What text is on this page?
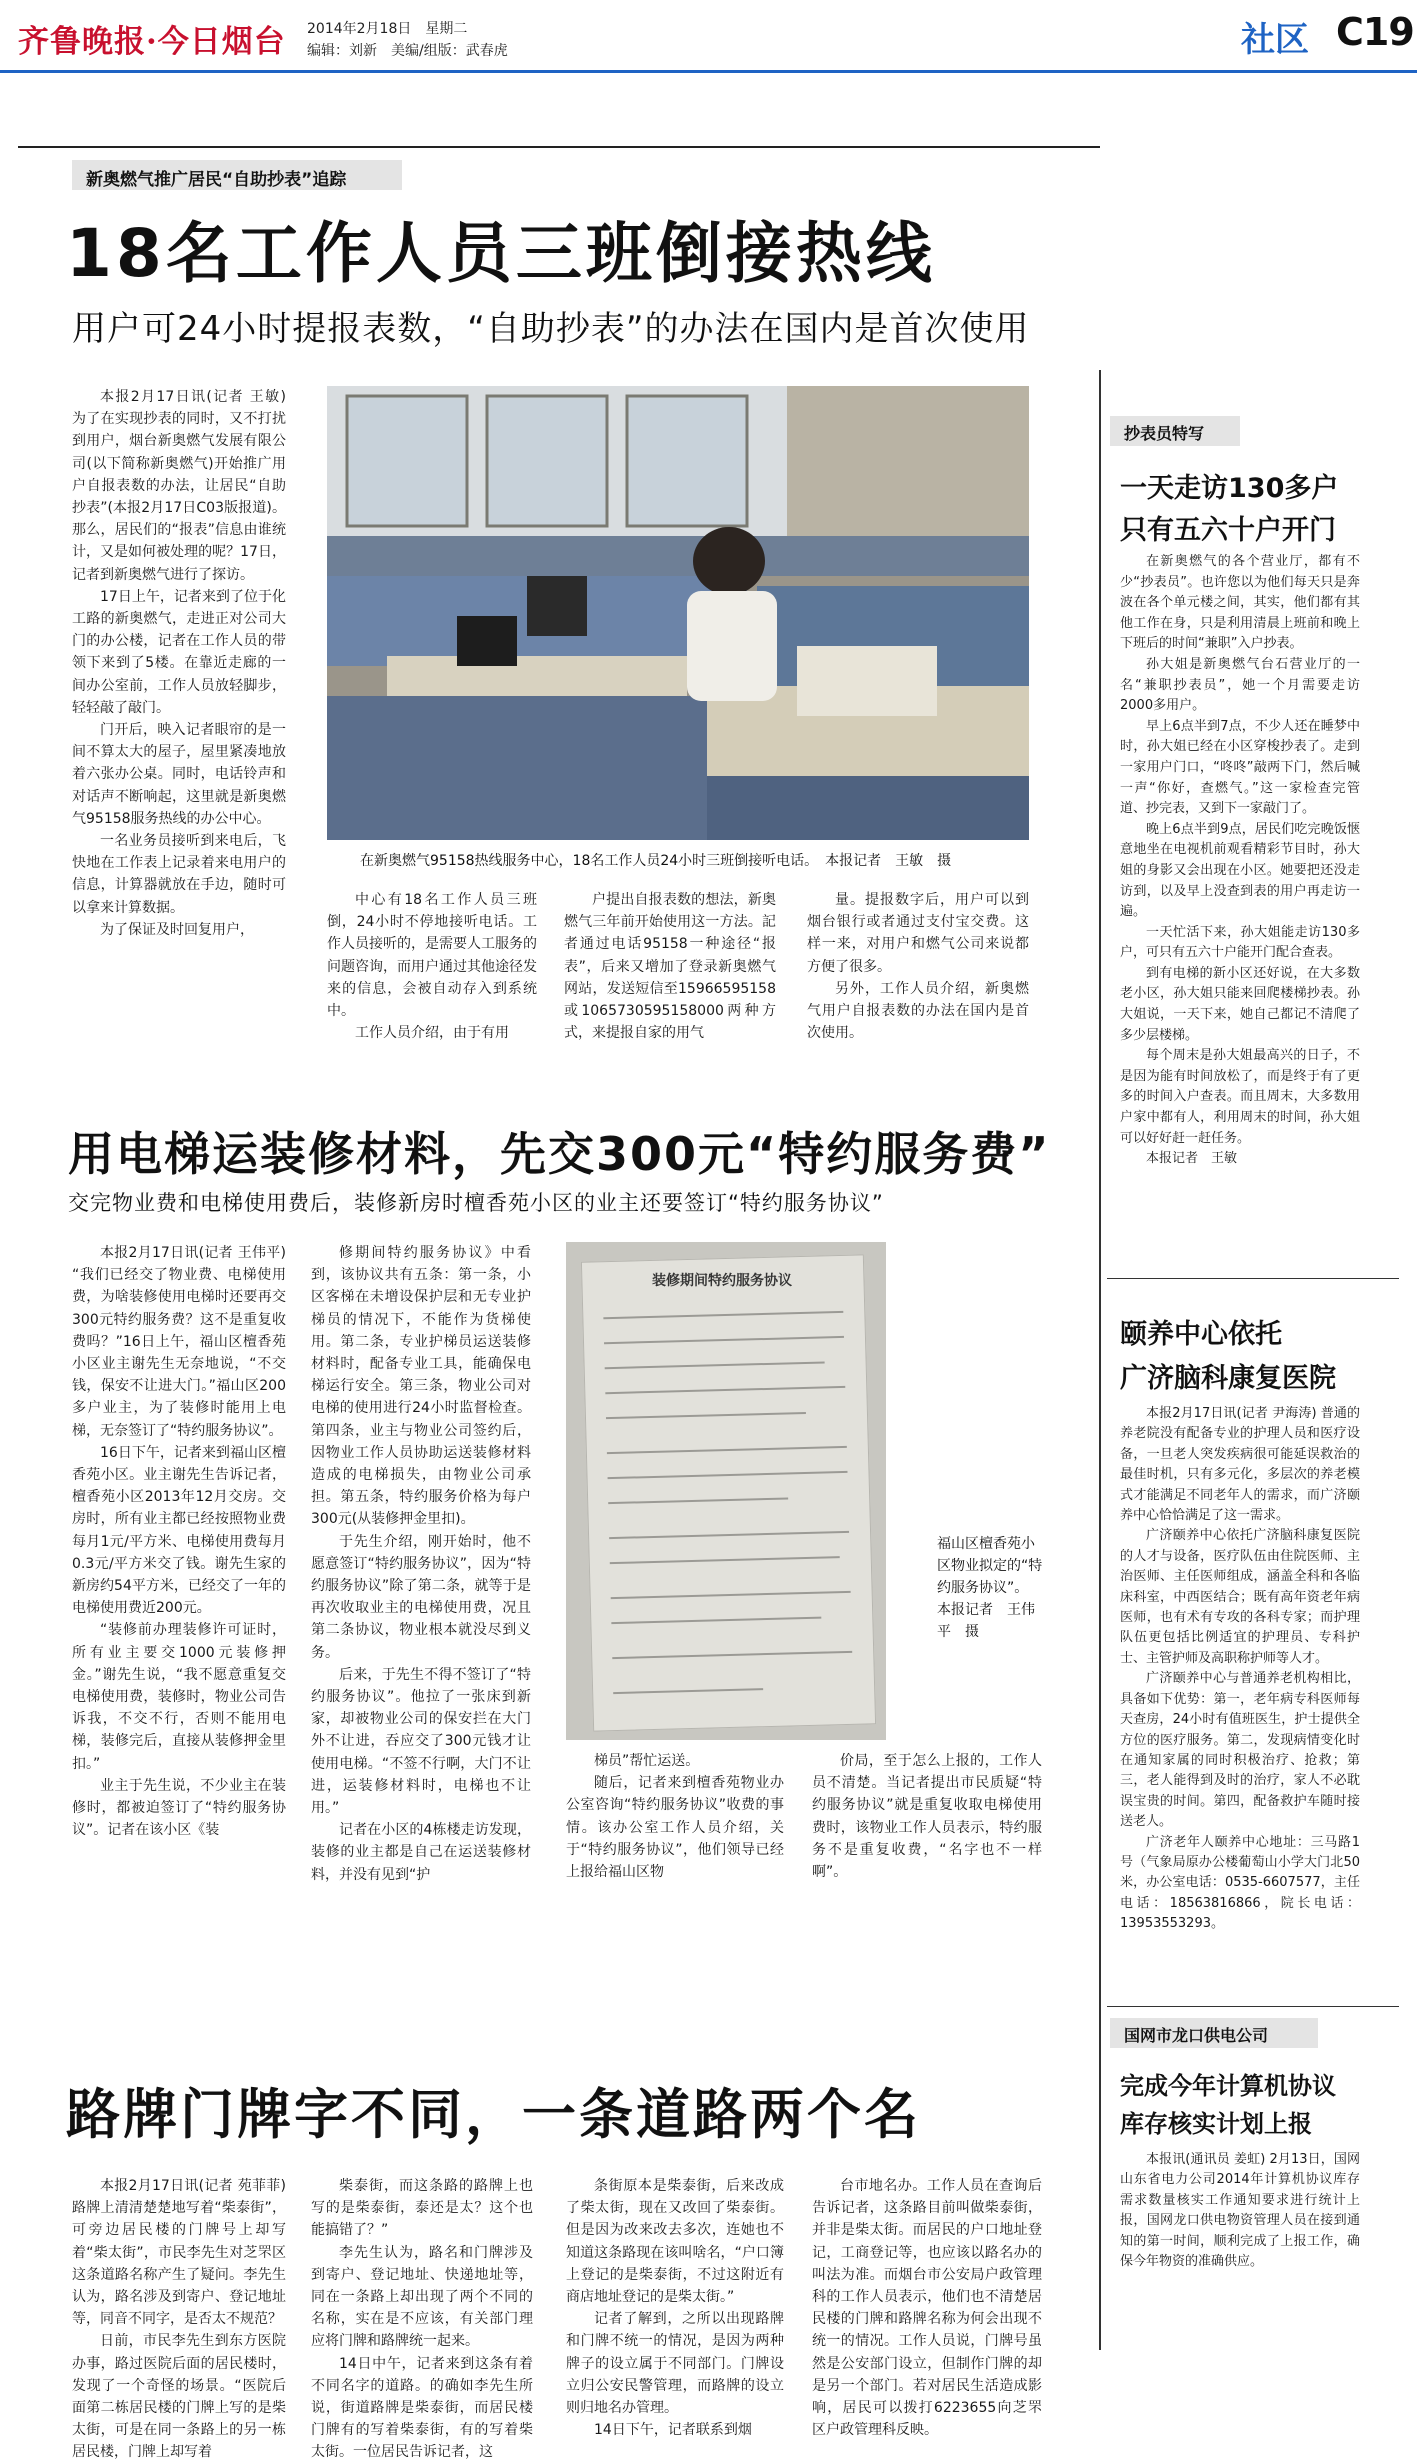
齐鲁晚报·今日烟台 2014年2月18日　星期二
编辑：刘新　美编/组版：武春虎	社区 C19
新奥燃气推广居民“自助抄表”追踪
18名工作人员三班倒接热线
用户可24小时提报表数，“自助抄表”的办法在国内是首次使用

本报2月17日讯(记者 王敏) 为了在实现抄表的同时，又不打扰到用户，烟台新奥燃气发展有限公司(以下简称新奥燃气)开始推广用户自报表数的办法，让居民“自助抄表”(本报2月17日C03版报道)。那么，居民们的“报表”信息由谁统计，又是如何被处理的呢？17日，记者到新奥燃气进行了探访。

17日上午，记者来到了位于化工路的新奥燃气，走进正对公司大门的办公楼，记者在工作人员的带领下来到了5楼。在靠近走廊的一间办公室前，工作人员放轻脚步，轻轻敲了敲门。

门开后，映入记者眼帘的是一间不算太大的屋子，屋里紧凑地放着六张办公桌。同时，电话铃声和对话声不断响起，这里就是新奥燃气95158服务热线的办公中心。

一名业务员接听到来电后，飞快地在工作表上记录着来电用户的信息，计算器就放在手边，随时可以拿来计算数据。

为了保证及时回复用户，

在新奥燃气95158热线服务中心，18名工作人员24小时三班倒接听电话。　本报记者　王敏　摄

中心有18名工作人员三班倒，24小时不停地接听电话。工作人员接听的，是需要人工服务的问题咨询，而用户通过其他途径发来的信息，会被自动存入到系统中。

工作人员介绍，由于有用

户提出自报表数的想法，新奥燃气三年前开始使用这一方法。記者通过电话95158一种途径“报表”，后来又增加了登录新奥燃气网站，发送短信至15966595158或1065730595158000两种方式，来提报自家的用气

量。提报数字后，用户可以到烟台银行或者通过支付宝交费。这样一来，对用户和燃气公司来说都方便了很多。

另外，工作人员介绍，新奥燃气用户自报表数的办法在国内是首次使用。

用电梯运装修材料，先交300元“特约服务费”
交完物业费和电梯使用费后，装修新房时檀香苑小区的业主还要签订“特约服务协议”

本报2月17日讯(记者 王伟平) “我们已经交了物业费、电梯使用费，为啥装修使用电梯时还要再交300元特约服务费？这不是重复收费吗？”16日上午，福山区檀香苑小区业主谢先生无奈地说，“不交钱，保安不让进大门。”福山区200多户业主，为了装修时能用上电梯，无奈签订了“特约服务协议”。

16日下午，记者来到福山区檀香苑小区。业主谢先生告诉记者，檀香苑小区2013年12月交房。交房时，所有业主都已经按照物业费每月1元/平方米、电梯使用费每月0.3元/平方米交了钱。谢先生家的新房约54平方米，已经交了一年的电梯使用费近200元。

“装修前办理装修许可证时，所有业主要交1000元装修押金。”谢先生说，“我不愿意重复交电梯使用费，装修时，物业公司告诉我，不交不行，否则不能用电梯，装修完后，直接从装修押金里扣。”

业主于先生说，不少业主在装修时，都被迫签订了“特约服务协议”。记者在该小区《装

修期间特约服务协议》中看到，该协议共有五条：第一条，小区客梯在未增设保护层和无专业护梯员的情况下，不能作为货梯使用。第二条，专业护梯员运送装修材料时，配备专业工具，能确保电梯运行安全。第三条，物业公司对电梯的使用进行24小时监督检查。第四条，业主与物业公司签约后，因物业工作人员协助运送装修材料造成的电梯损失，由物业公司承担。第五条，特约服务价格为每户300元(从装修押金里扣)。

于先生介绍，刚开始时，他不愿意签订“特约服务协议”，因为“特约服务协议”除了第二条，就等于是再次收取业主的电梯使用费，况且第二条协议，物业根本就没尽到义务。

后来，于先生不得不签订了“特约服务协议”。他拉了一张床到新家，却被物业公司的保安拦在大门外不让进，吞应交了300元钱才让使用电梯。“不签不行啊，大门不让进，运装修材料时，电梯也不让用。”

记者在小区的4栋楼走访发现，装修的业主都是自己在运送装修材料，并没有见到“护

装修期间特约服务协议
福山区檀香苑小区物业拟定的“特约服务协议”。　本报记者　王伟平　摄

梯员”帮忙运送。

随后，记者来到檀香苑物业办公室咨询“特约服务协议”收费的事情。该办公室工作人员介绍，关于“特约服务协议”，他们领导已经上报给福山区物

价局，至于怎么上报的，工作人员不清楚。当记者提出市民质疑“特约服务协议”就是重复收取电梯使用费时，该物业工作人员表示，特约服务不是重复收费，“名字也不一样啊”。

路牌门牌字不同，一条道路两个名

本报2月17日讯(记者 苑菲菲) 路牌上清清楚楚地写着“柴泰街”，可旁边居民楼的门牌号上却写着“柴太街”，市民李先生对芝罘区这条道路名称产生了疑问。李先生认为，路名涉及到寄户、登记地址等，同音不同字，是否太不规范？

日前，市民李先生到东方医院办事，路过医院后面的居民楼时，发现了一个奇怪的场景。“医院后面第二栋居民楼的门牌上写的是柴太街，可是在同一条路上的另一栋居民楼，门牌上却写着

柴泰街，而这条路的路牌上也写的是柴泰街，泰还是太？这个也能搞错了？”

李先生认为，路名和门牌涉及到寄户、登记地址、快递地址等，同在一条路上却出现了两个不同的名称，实在是不应该，有关部门理应将门牌和路牌统一起来。

14日中午，记者来到这条有着不同名字的道路。的确如李先生所说，街道路牌是柴泰街，而居民楼门牌有的写着柴泰街，有的写着柴太街。一位居民告诉记者，这

条街原本是柴泰街，后来改成了柴太街，现在又改回了柴泰街。但是因为改来改去多次，连她也不知道这条路现在该叫啥名，“户口簿上登记的是柴泰街，不过这附近有商店地址登记的是柴太街。”

记者了解到，之所以出现路牌和门牌不统一的情况，是因为两种牌子的设立属于不同部门。门牌设立归公安民警管理，而路牌的设立则归地名办管理。

14日下午，记者联系到烟

台市地名办。工作人员在查询后告诉记者，这条路目前叫做柴泰街，并非是柴太街。而居民的户口地址登记，工商登记等，也应该以路名办的叫法为准。而烟台市公安局户政管理科的工作人员表示，他们也不清楚居民楼的门牌和路牌名称为何会出现不统一的情况。工作人员说，门牌号虽然是公安部门设立，但制作门牌的却是另一个部门。若对居民生活造成影响，居民可以拨打6223655向芝罘区户政管理科反映。

抄表员特写
一天走访130多户
只有五六十户开门

在新奥燃气的各个营业厅，都有不少“抄表员”。也许您以为他们每天只是奔波在各个单元楼之间，其实，他们都有其他工作在身，只是利用清晨上班前和晚上下班后的时间“兼职”入户抄表。

孙大姐是新奥燃气台石营业厅的一名“兼职抄表员”，她一个月需要走访2000多用户。

早上6点半到7点，不少人还在睡梦中时，孙大姐已经在小区穿梭抄表了。走到一家用户门口，“咚咚”敲两下门，然后喊一声“你好，查燃气。”这一家检查完管道、抄完表，又到下一家敲门了。

晚上6点半到9点，居民们吃完晚饭惬意地坐在电视机前观看精彩节目时，孙大姐的身影又会出现在小区。她要把还没走访到，以及早上没查到表的用户再走访一遍。

一天忙活下来，孙大姐能走访130多户，可只有五六十户能开门配合查表。

到有电梯的新小区还好说，在大多数老小区，孙大姐只能来回爬楼梯抄表。孙大姐说，一天下来，她自己都记不清爬了多少层楼梯。

每个周末是孙大姐最高兴的日子，不是因为能有时间放松了，而是终于有了更多的时间入户查表。而且周末，大多数用户家中都有人，利用周末的时间，孙大姐可以好好赶一赶任务。

本报记者　王敏

颐养中心依托
广济脑科康复医院

本报2月17日讯(记者 尹海涛) 普通的养老院没有配备专业的护理人员和医疗设备，一旦老人突发疾病很可能延误救治的最佳时机，只有多元化，多层次的养老模式才能满足不同老年人的需求，而广济颐养中心恰恰满足了这一需求。

广济颐养中心依托广济脑科康复医院的人才与设备，医疗队伍由住院医师、主治医师、主任医师组成，涵盖全科和各临床科室，中西医结合；既有高年资老年病医师，也有术有专攻的各科专家；而护理队伍更包括比例适宜的护理员、专科护士、主管护师及高职称护师等人才。

广济颐养中心与普通养老机构相比，具备如下优势：第一，老年病专科医师每天查房，24小时有值班医生，护士提供全方位的医疗服务。第二，发现病情变化时在通知家属的同时积极治疗、抢救；第三，老人能得到及时的治疗，家人不必耽误宝贵的时间。第四，配备救护车随时接送老人。

广济老年人颐养中心地址：三马路1号（气象局原办公楼葡萄山小学大门北50米，办公室电话：0535-6607577，主任电话：18563816866，院长电话：13953553293。

国网市龙口供电公司
完成今年计算机协议
库存核实计划上报

本报讯(通讯员 姜虹) 2月13日，国网山东省电力公司2014年计算机协议库存需求数量核实工作通知要求进行统计上报，国网龙口供电物资管理人员在接到通知的第一时间，顺利完成了上报工作，确保今年物资的准确供应。
